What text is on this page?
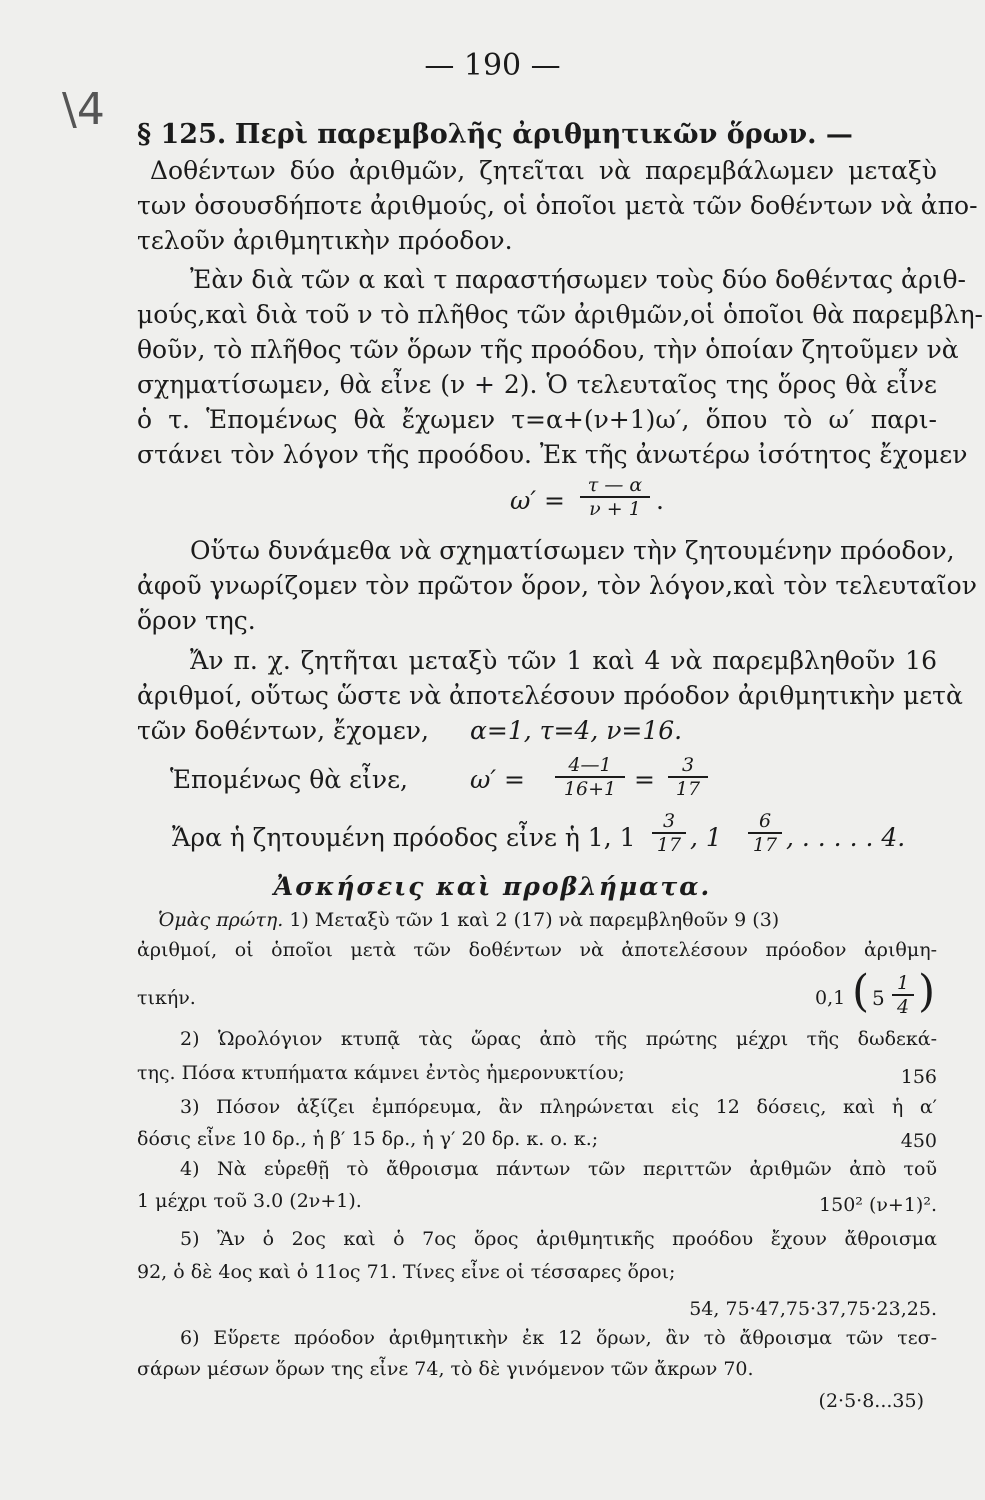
— 190 —
\4 § 125. Περὶ παρεμβολῆς ἀριθμητικῶν ὅρων. —
Δοθέντων δύο ἀριθμῶν, ζητεῖται νὰ παρεμβάλωμεν μεταξὺ
των ὁσουσδήποτε ἀριθμούς, οἱ ὁποῖοι μετὰ τῶν δοθέντων νὰ ἀπο-
τελοῦν ἀριθμητικὴν πρόοδον.
Ἐὰν διὰ τῶν α καὶ τ παραστήσωμεν τοὺς δύο δοθέντας ἀριθ-
μούς,καὶ διὰ τοῦ ν τὸ πλῆθος τῶν ἀριθμῶν,οἱ ὁποῖοι θὰ παρεμβλη-
θοῦν, τὸ πλῆθος τῶν ὅρων τῆς προόδου, τὴν ὁποίαν ζητοῦμεν νὰ
σχηματίσωμεν, θὰ εἶνε (ν + 2). Ὁ τελευταῖος της ὅρος θὰ εἶνε
ὁ τ. Ἑπομένως θὰ ἔχωμεν τ=α+(ν+1)ω′, ὅπου τὸ ω′ παρι-
στάνει τὸν λόγον τῆς προόδου. Ἐκ τῆς ἀνωτέρω ἰσότητος ἔχομεν
$\omega' = \frac{\tau — \alpha}{\nu + 1}$ .
Οὕτω δυνάμεθα νὰ σχηματίσωμεν τὴν ζητουμένην πρόοδον,
ἀφοῦ γνωρίζομεν τὸν πρῶτον ὅρον, τὸν λόγον,καὶ τὸν τελευταῖον
ὅρον της.
Ἄν π. χ. ζητῆται μεταξὺ τῶν 1 καὶ 4 νὰ παρεμβληθοῦν 16
ἀριθμοί, οὕτως ὥστε νὰ ἀποτελέσουν πρόοδον ἀριθμητικὴν μετὰ
τῶν δοθέντων, ἔχομεν,	α=1, τ=4, ν=16.
Ἑπομένως θὰ εἶνε,	ω′ =	$\frac{4—1}{16+1} = \frac{3}{17}$
Ἄρα ἡ ζητουμένη πρόοδος εἶνε ἡ 1, $1 \frac{3}{17}$ , 1	$\frac{6}{17}$ , . . . . . 4.
Ἀσκήσεις καὶ προβλήματα.
Ὁμὰς πρώτη. 1) Μεταξὺ τῶν 1 καὶ 2 (17) νὰ παρεμβληθοῦν 9 (3)
ἀριθμοί, οἱ ὁποῖοι μετὰ τῶν δοθέντων νὰ ἀποτελέσουν πρόοδον ἀριθμη-
τικήν.	0,1 ( $5 \frac{1}{4}$ )
2) Ὡρολόγιον κτυπᾷ τὰς ὥρας ἀπὸ τῆς πρώτης μέχρι τῆς δωδεκά-
της. Πόσα κτυπήματα κάμνει ἐντὸς ἡμερονυκτίου;	156
3) Πόσον ἀξίζει ἐμπόρευμα, ἂν πληρώνεται εἰς 12 δόσεις, καὶ ἡ α′
δόσις εἶνε 10 δρ., ἡ β′ 15 δρ., ἡ γ′ 20 δρ. κ. ο. κ.;	450
4) Νὰ εὑρεθῇ τὸ ἄθροισμα πάντων τῶν περιττῶν ἀριθμῶν ἀπὸ τοῦ
1 μέχρι τοῦ 3.0 (2ν+1).	150² (ν+1)².
5) Ἂν ὁ 2ος καὶ ὁ 7ος ὅρος ἀριθμητικῆς προόδου ἔχουν ἄθροισμα
92, ὁ δὲ 4ος καὶ ὁ 11ος 71. Τίνες εἶνε οἱ τέσσαρες ὅροι;
54, 75·47,75·37,75·23,25.
6) Εὕρετε πρόοδον ἀριθμητικὴν ἐκ 12 ὅρων, ἂν τὸ ἄθροισμα τῶν τεσ-
σάρων μέσων ὅρων της εἶνε 74, τὸ δὲ γινόμενον τῶν ἄκρων 70.
(2·5·8...35)
